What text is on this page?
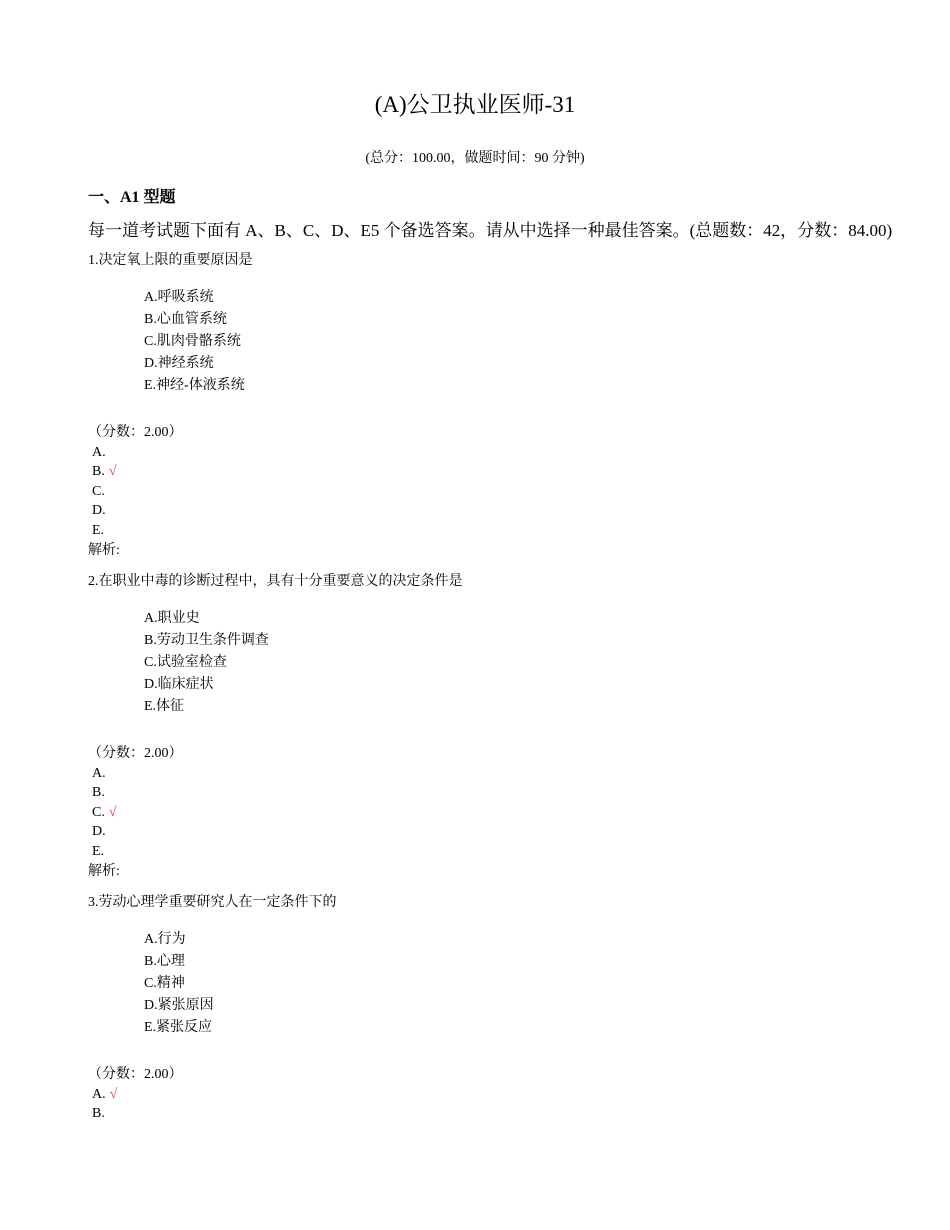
(A)公卫执业医师-31
(总分：100.00，做题时间：90 分钟)
一、A1 型题
每一道考试题下面有 A、B、C、D、E5 个备选答案。请从中选择一种最佳答案。(总题数：42，分数：84.00)
1.决定氧上限的重要原因是
A.呼吸系统
B.心血管系统
C.肌肉骨骼系统
D.神经系统
E.神经-体液系统
（分数：2.00）
A.
B. √
C.
D.
E.
解析:
2.在职业中毒的诊断过程中，具有十分重要意义的决定条件是
A.职业史
B.劳动卫生条件调查
C.试验室检查
D.临床症状
E.体征
（分数：2.00）
A.
B.
C. √
D.
E.
解析:
3.劳动心理学重要研究人在一定条件下的
A.行为
B.心理
C.精神
D.紧张原因
E.紧张反应
（分数：2.00）
A. √
B.
